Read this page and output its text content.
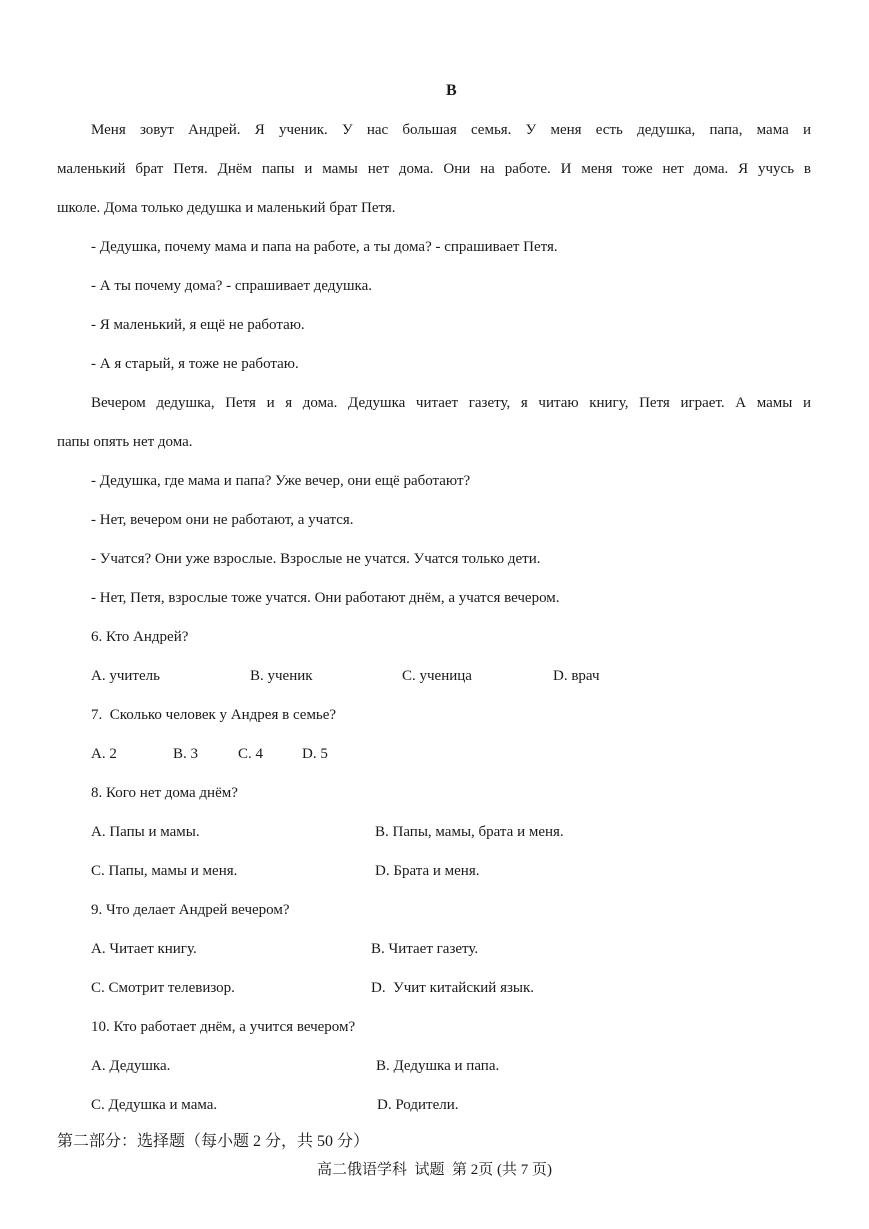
B
Меня зовут Андрей. Я ученик. У нас большая семья. У меня есть дедушка, папа, мама и
маленький брат Петя. Днём папы и мамы нет дома. Они на работе. И меня тоже нет дома. Я учусь в
школе. Дома только дедушка и маленький брат Петя.
- Дедушка, почему мама и папа на работе, а ты дома? - спрашивает Петя.
- А ты почему дома? - спрашивает дедушка.
- Я маленький, я ещё не работаю.
- А я старый, я тоже не работаю.
Вечером дедушка, Петя и я дома. Дедушка читает газету, я читаю книгу, Петя играет. А мамы и
папы опять нет дома.
- Дедушка, где мама и папа? Уже вечер, они ещё работают?
- Нет, вечером они не работают, а учатся.
- Учатся? Они уже взрослые. Взрослые не учатся. Учатся только дети.
- Нет, Петя, взрослые тоже учатся. Они работают днём, а учатся вечером.
6. Кто Андрей?
A. учитель	B. ученик	C. ученица	D. врач
7.  Сколько человек у Андрея в семье?
A. 2	B. 3	C. 4	D. 5
8. Кого нет дома днём?
A. Папы и мамы.	B. Папы, мамы, брата и меня.
C. Папы, мамы и меня.	D. Брата и меня.
9. Что делает Андрей вечером?
A. Читает книгу.	B. Читает газету.
C. Смотрит телевизор.	D.  Учит китайский язык.
10. Кто работает днём, а учится вечером?
A. Дедушка.	B. Дедушка и папа.
C. Дедушка и мама.	D. Родители.
第二部分：选择题（每小题 2 分，共 50 分）
高二俄语学科  试题  第 2页 (共 7 页)
